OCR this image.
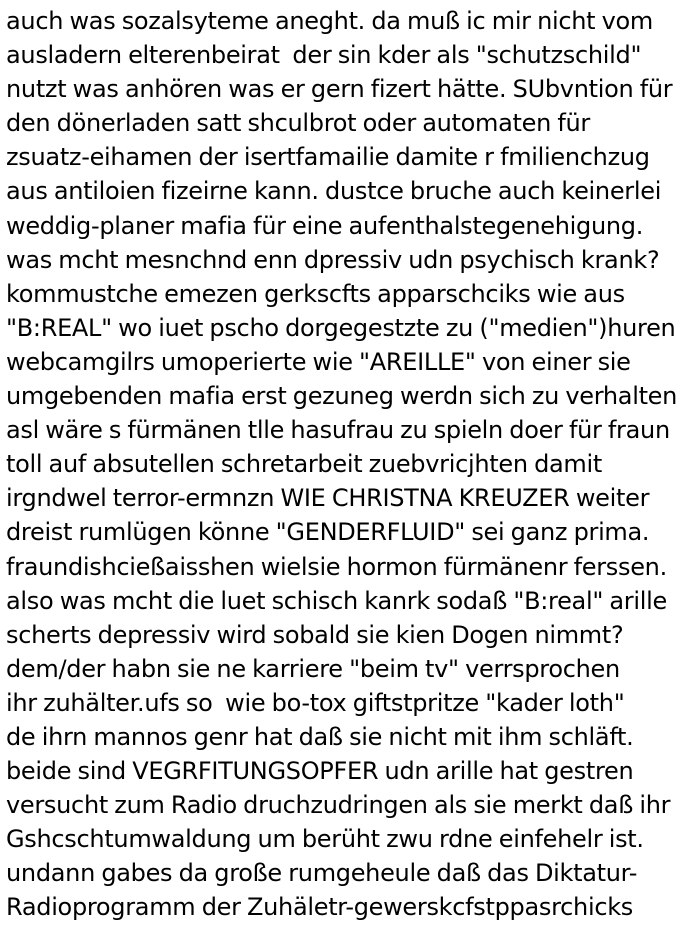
auch was sozalsyteme aneght. da muß ic mir nicht vom
ausladern elterenbeirat  der sin kder als "schutzschild"
nutzt was anhören was er gern fizert hätte. SUbvntion für
den dönerladen satt shculbrot oder automaten für
zsuatz-eihamen der isertfamailie damite r fmilienchzug
aus antiloien fizeirne kann. dustce bruche auch keinerlei
weddig-planer mafia für eine aufenthalstegenehigung.
was mcht mesnchnd enn dpressiv udn psychisch krank?
kommustche emezen gerkscfts apparschciks wie aus
"B:REAL" wo iuet pscho dorgegestzte zu ("medien")huren
webcamgilrs umoperierte wie "AREILLE" von einer sie
umgebenden mafia erst gezuneg werdn sich zu verhalten
asl wäre s fürmänen tlle hasufrau zu spieln doer für fraun
toll auf absutellen schretarbeit zuebvricjhten damit
irgndwel terror-ermnzn WIE CHRISTNA KREUZER weiter
dreist rumlügen könne "GENDERFLUID" sei ganz prima.
fraundishcießaisshen wielsie hormon fürmänenr ferssen.
also was mcht die luet schisch kanrk sodaß "B:real" arille
scherts depressiv wird sobald sie kien Dogen nimmt?
dem/der habn sie ne karriere "beim tv" verrsprochen
ihr zuhälter.ufs so  wie bo-tox giftstpritze "kader loth"
de ihrn mannos genr hat daß sie nicht mit ihm schläft.
beide sind VEGRFITUNGSOPFER udn arille hat gestren
versucht zum Radio druchzudringen als sie merkt daß ihr
Gshcschtumwaldung um berüht zwu rdne einfehelr ist.
undann gabes da große rumgeheule daß das Diktatur-
Radioprogramm der Zuhäletr-gewerskcfstppasrchicks
